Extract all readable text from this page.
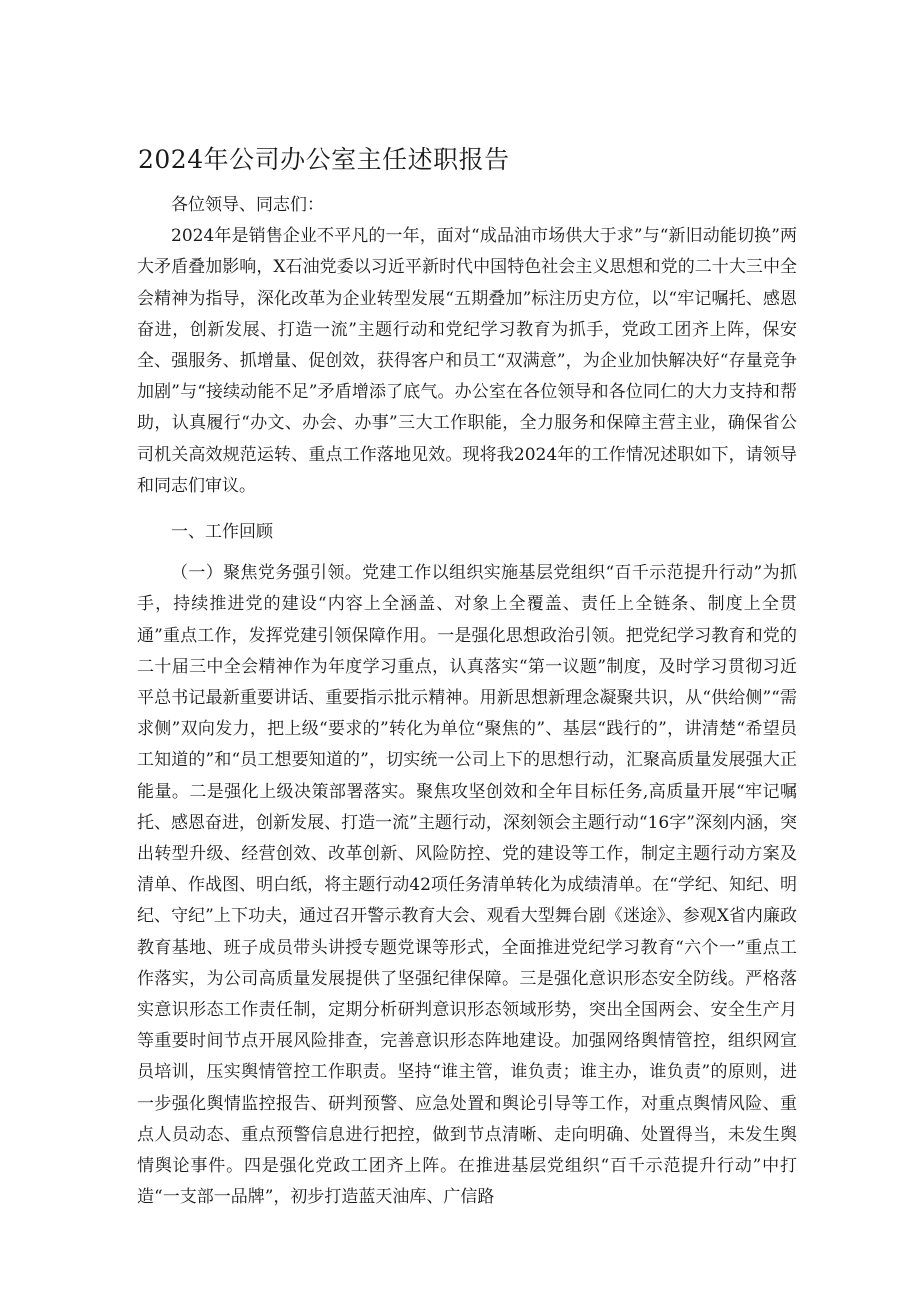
2024年公司办公室主任述职报告

各位领导、同志们：

2024年是销售企业不平凡的一年，面对“成品油市场供大于求”与“新旧动能切换”两大矛盾叠加影响，X石油党委以习近平新时代中国特色社会主义思想和党的二十大三中全会精神为指导，深化改革为企业转型发展“五期叠加”标注历史方位，以“牢记嘱托、感恩奋进，创新发展、打造一流”主题行动和党纪学习教育为抓手，党政工团齐上阵，保安全、强服务、抓增量、促创效，获得客户和员工“双满意”，为企业加快解决好“存量竞争加剧”与“接续动能不足”矛盾增添了底气。办公室在各位领导和各位同仁的大力支持和帮助，认真履行“办文、办会、办事”三大工作职能，全力服务和保障主营主业，确保省公司机关高效规范运转、重点工作落地见效。现将我2024年的工作情况述职如下，请领导和同志们审议。

一、工作回顾

（一）聚焦党务强引领。党建工作以组织实施基层党组织“百千示范提升行动”为抓手，持续推进党的建设“内容上全涵盖、对象上全覆盖、责任上全链条、制度上全贯通”重点工作，发挥党建引领保障作用。一是强化思想政治引领。把党纪学习教育和党的二十届三中全会精神作为年度学习重点，认真落实“第一议题”制度，及时学习贯彻习近平总书记最新重要讲话、重要指示批示精神。用新思想新理念凝聚共识，从“供给侧”“需求侧”双向发力，把上级“要求的”转化为单位“聚焦的”、基层“践行的”，讲清楚“希望员工知道的”和“员工想要知道的”，切实统一公司上下的思想行动，汇聚高质量发展强大正能量。二是强化上级决策部署落实。聚焦攻坚创效和全年目标任务,高质量开展“牢记嘱托、感恩奋进，创新发展、打造一流”主题行动，深刻领会主题行动“16字”深刻内涵，突出转型升级、经营创效、改革创新、风险防控、党的建设等工作，制定主题行动方案及清单、作战图、明白纸，将主题行动42项任务清单转化为成绩清单。在“学纪、知纪、明纪、守纪”上下功夫，通过召开警示教育大会、观看大型舞台剧《迷途》、参观X省内廉政教育基地、班子成员带头讲授专题党课等形式，全面推进党纪学习教育“六个一”重点工作落实，为公司高质量发展提供了坚强纪律保障。三是强化意识形态安全防线。严格落实意识形态工作责任制，定期分析研判意识形态领域形势，突出全国两会、安全生产月等重要时间节点开展风险排查，完善意识形态阵地建设。加强网络舆情管控，组织网宣员培训，压实舆情管控工作职责。坚持“谁主管，谁负责；谁主办，谁负责”的原则，进一步强化舆情监控报告、研判预警、应急处置和舆论引导等工作，对重点舆情风险、重点人员动态、重点预警信息进行把控，做到节点清晰、走向明确、处置得当，未发生舆情舆论事件。四是强化党政工团齐上阵。在推进基层党组织“百千示范提升行动”中打造“一支部一品牌”，初步打造蓝天油库、广信路
